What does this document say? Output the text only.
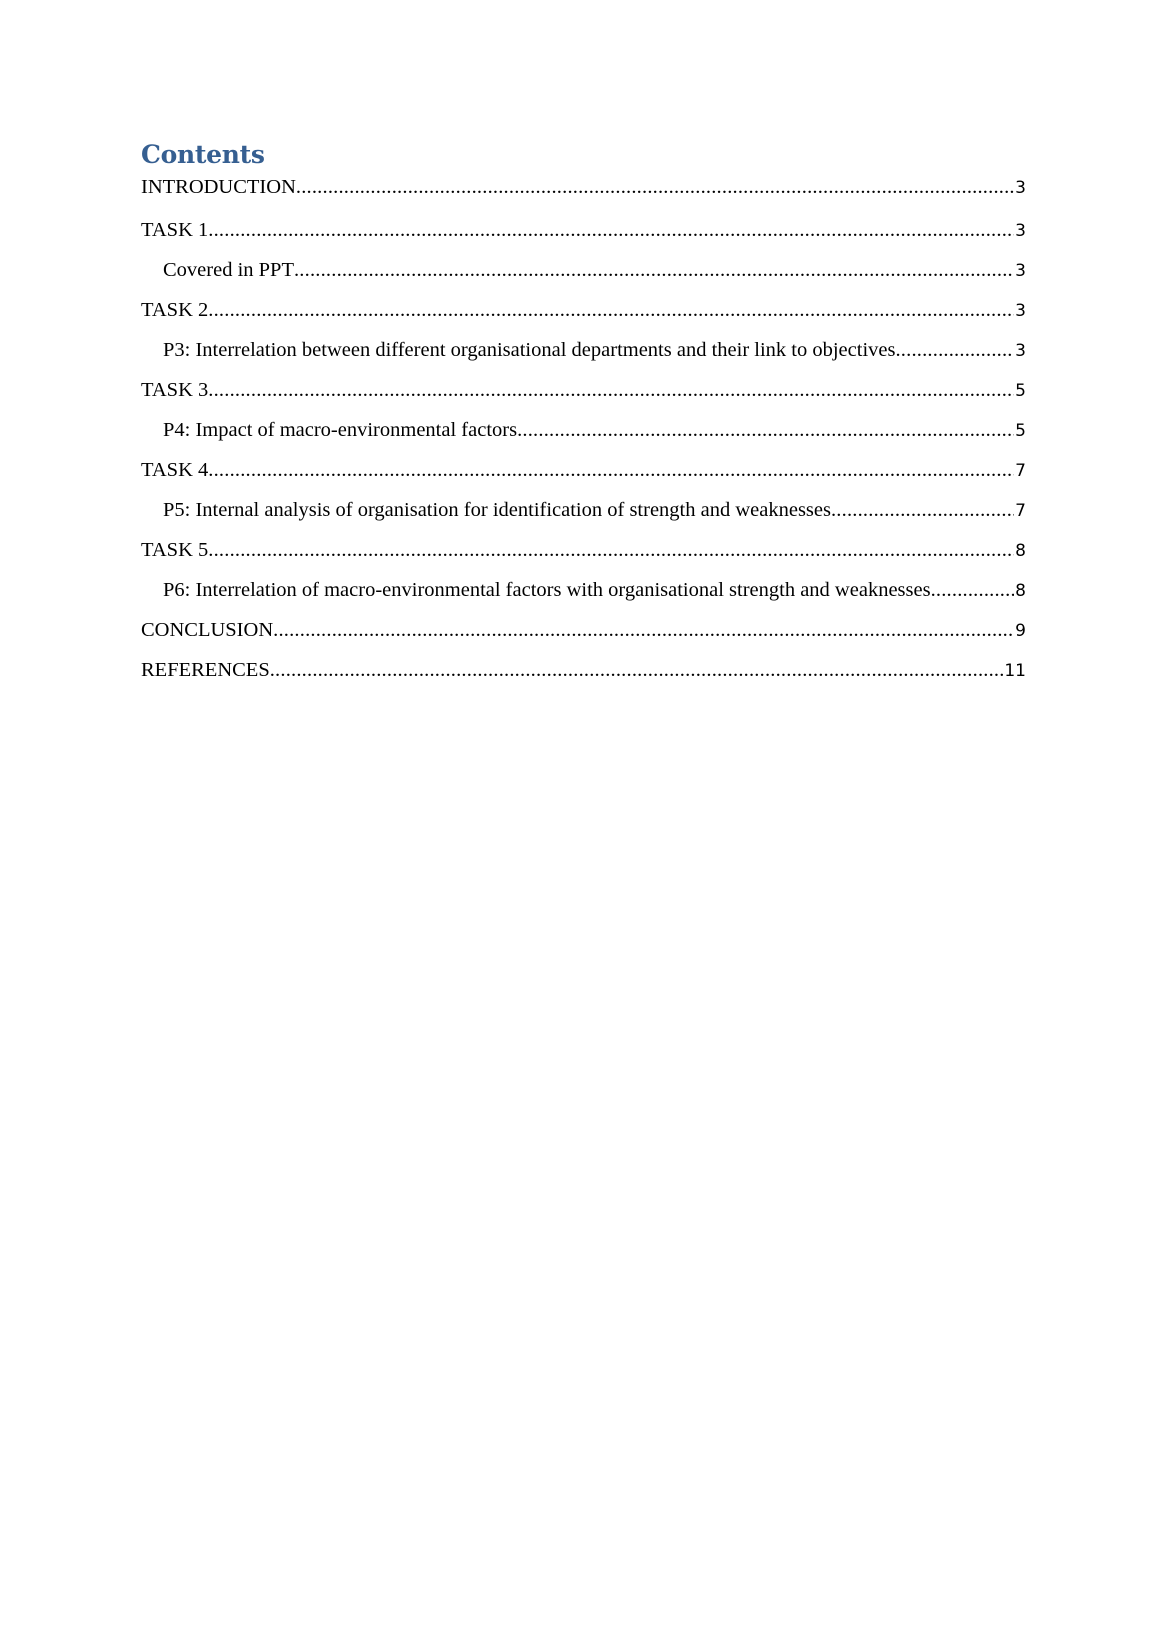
Contents
INTRODUCTION .....	3
TASK 1 .....	3
Covered in PPT .....	3
TASK 2 .....	3
P3: Interrelation between different organisational departments and their link to objectives .....	3
TASK 3 .....	5
P4: Impact of macro-environmental factors .....	5
TASK 4 .....	7
P5: Internal analysis of organisation for identification of strength and weaknesses .....	7
TASK 5 .....	8
P6: Interrelation of macro-environmental factors with organisational strength and weaknesses .....	8
CONCLUSION .....	9
REFERENCES .....	11
